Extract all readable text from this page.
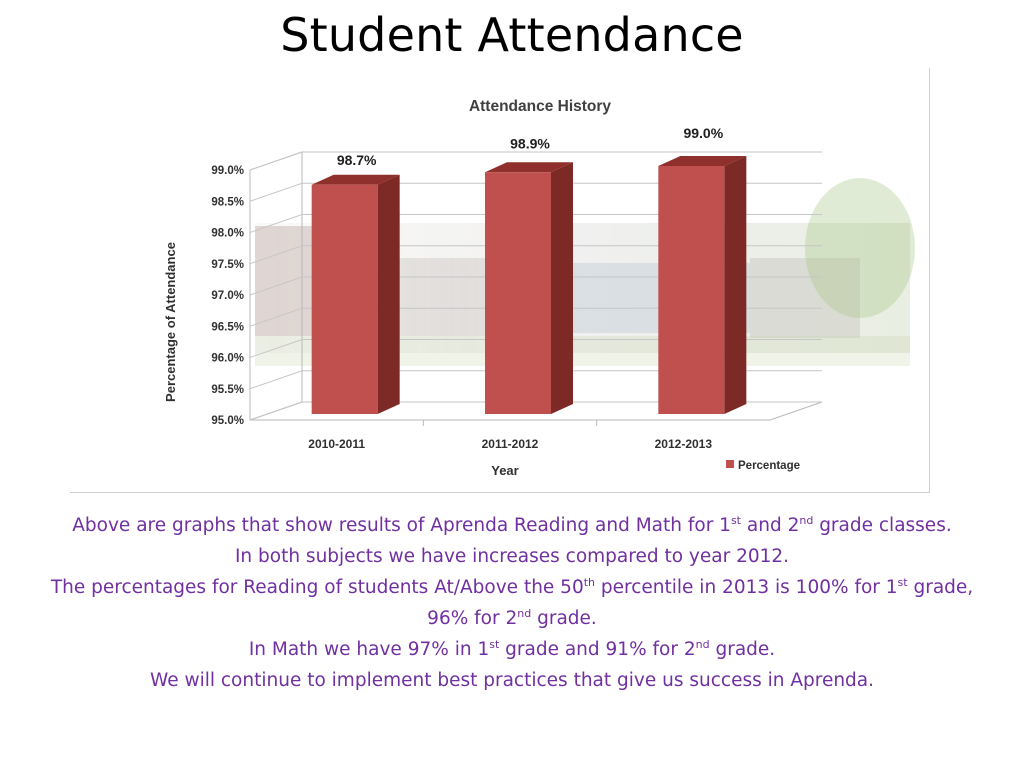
Student Attendance
95.0%
95.5%
96.0%
96.5%
97.0%
97.5%
98.0%
98.5%
99.0%
98.7%
98.9%
99.0%
2010-2011	2011-2012	2012-2013
Attendance History
Percentage of Attendance
Year	Percentage

Above are graphs that show results of Aprenda Reading and Math for 1st and 2nd grade classes.

In both subjects we have increases compared to year 2012.

The percentages for Reading of students At/Above the 50th percentile in 2013 is 100% for 1st grade, 96% for 2nd grade.

In Math we have 97% in 1st grade and 91% for 2nd grade.

We will continue to implement best practices that give us success in Aprenda.
